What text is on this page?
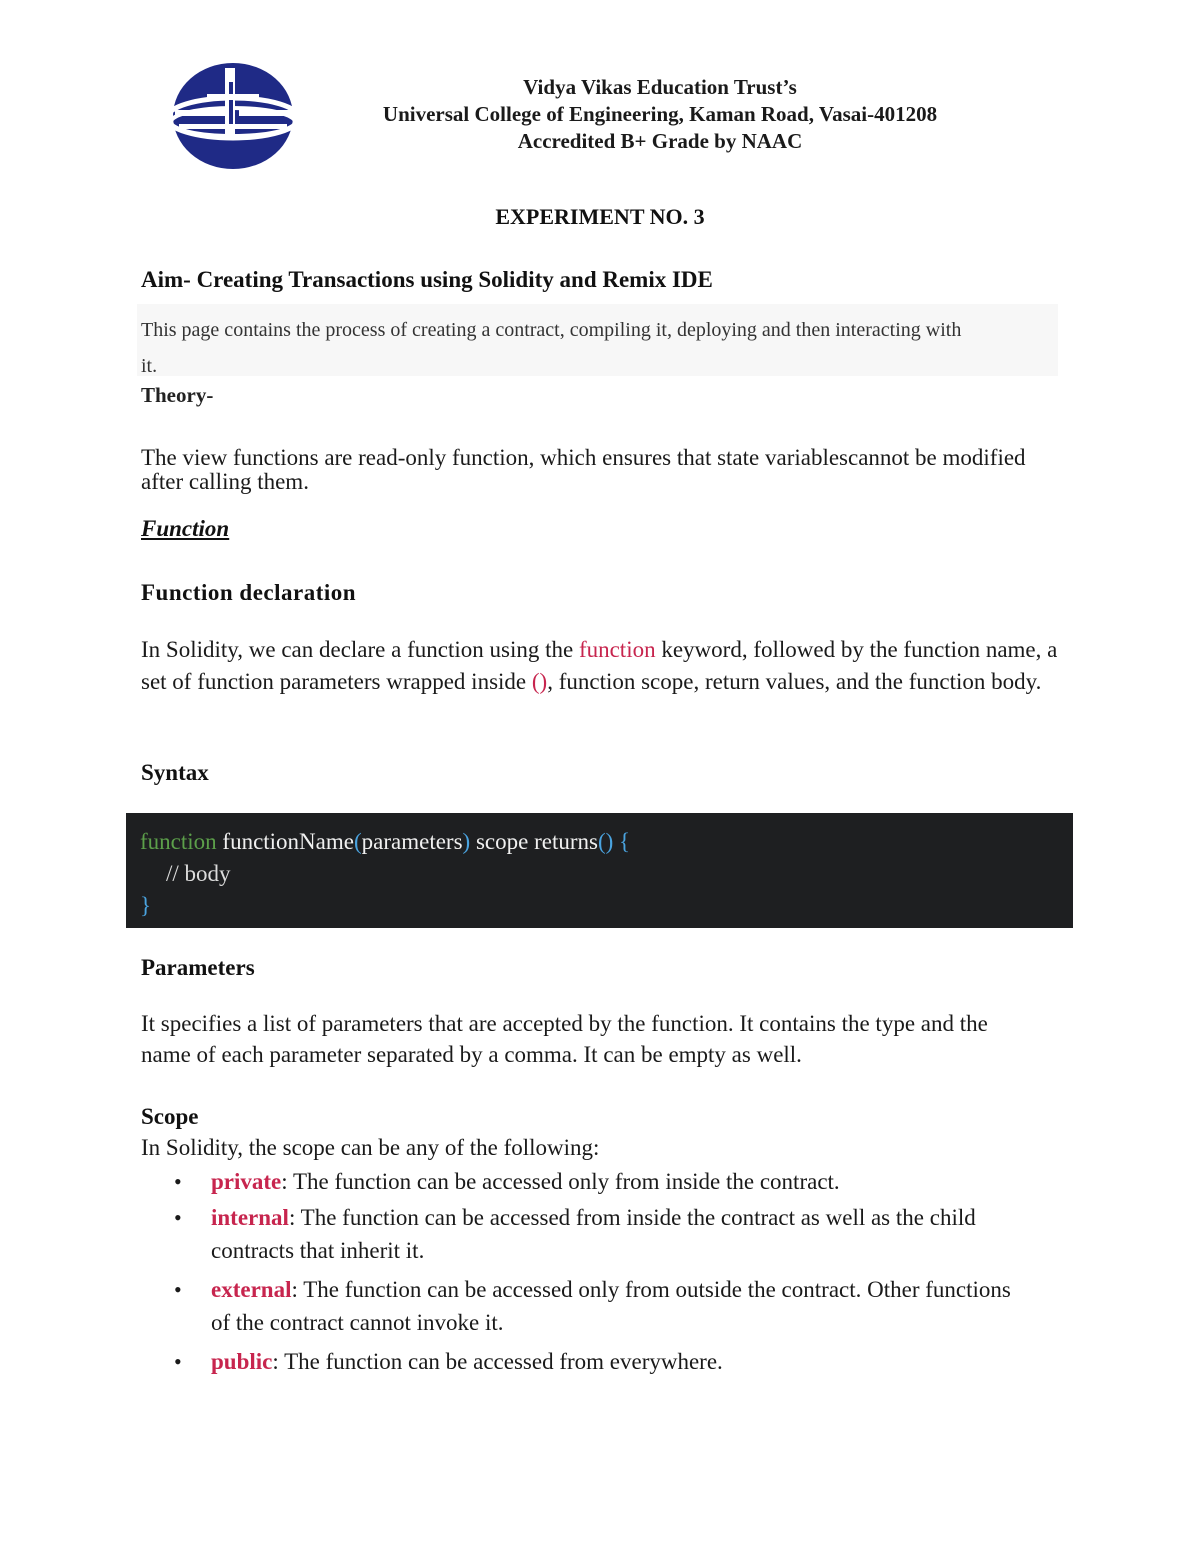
Vidya Vikas Education Trust’s
Universal College of Engineering, Kaman Road, Vasai-401208
Accredited B+ Grade by NAAC
EXPERIMENT NO. 3
Aim- Creating Transactions using Solidity and Remix IDE

This page contains the process of creating a contract, compiling it, deploying and then interacting with it.

Theory-
The view functions are read-only function, which ensures that state variablescannot be modified after calling them.
Function
Function declaration
In Solidity, we can declare a function using the function keyword, followed by the function name, a set of function parameters wrapped inside (), function scope, return values, and the function body.
Syntax
function functionName(parameters) scope returns() {
// body
}
Parameters
It specifies a list of parameters that are accepted by the function. It contains the type and the name of each parameter separated by a comma. It can be empty as well.
Scope
In Solidity, the scope can be any of the following:
• private: The function can be accessed only from inside the contract.
• internal: The function can be accessed from inside the contract as well as the child contracts that inherit it.
• external: The function can be accessed only from outside the contract. Other functions of the contract cannot invoke it.
• public: The function can be accessed from everywhere.
